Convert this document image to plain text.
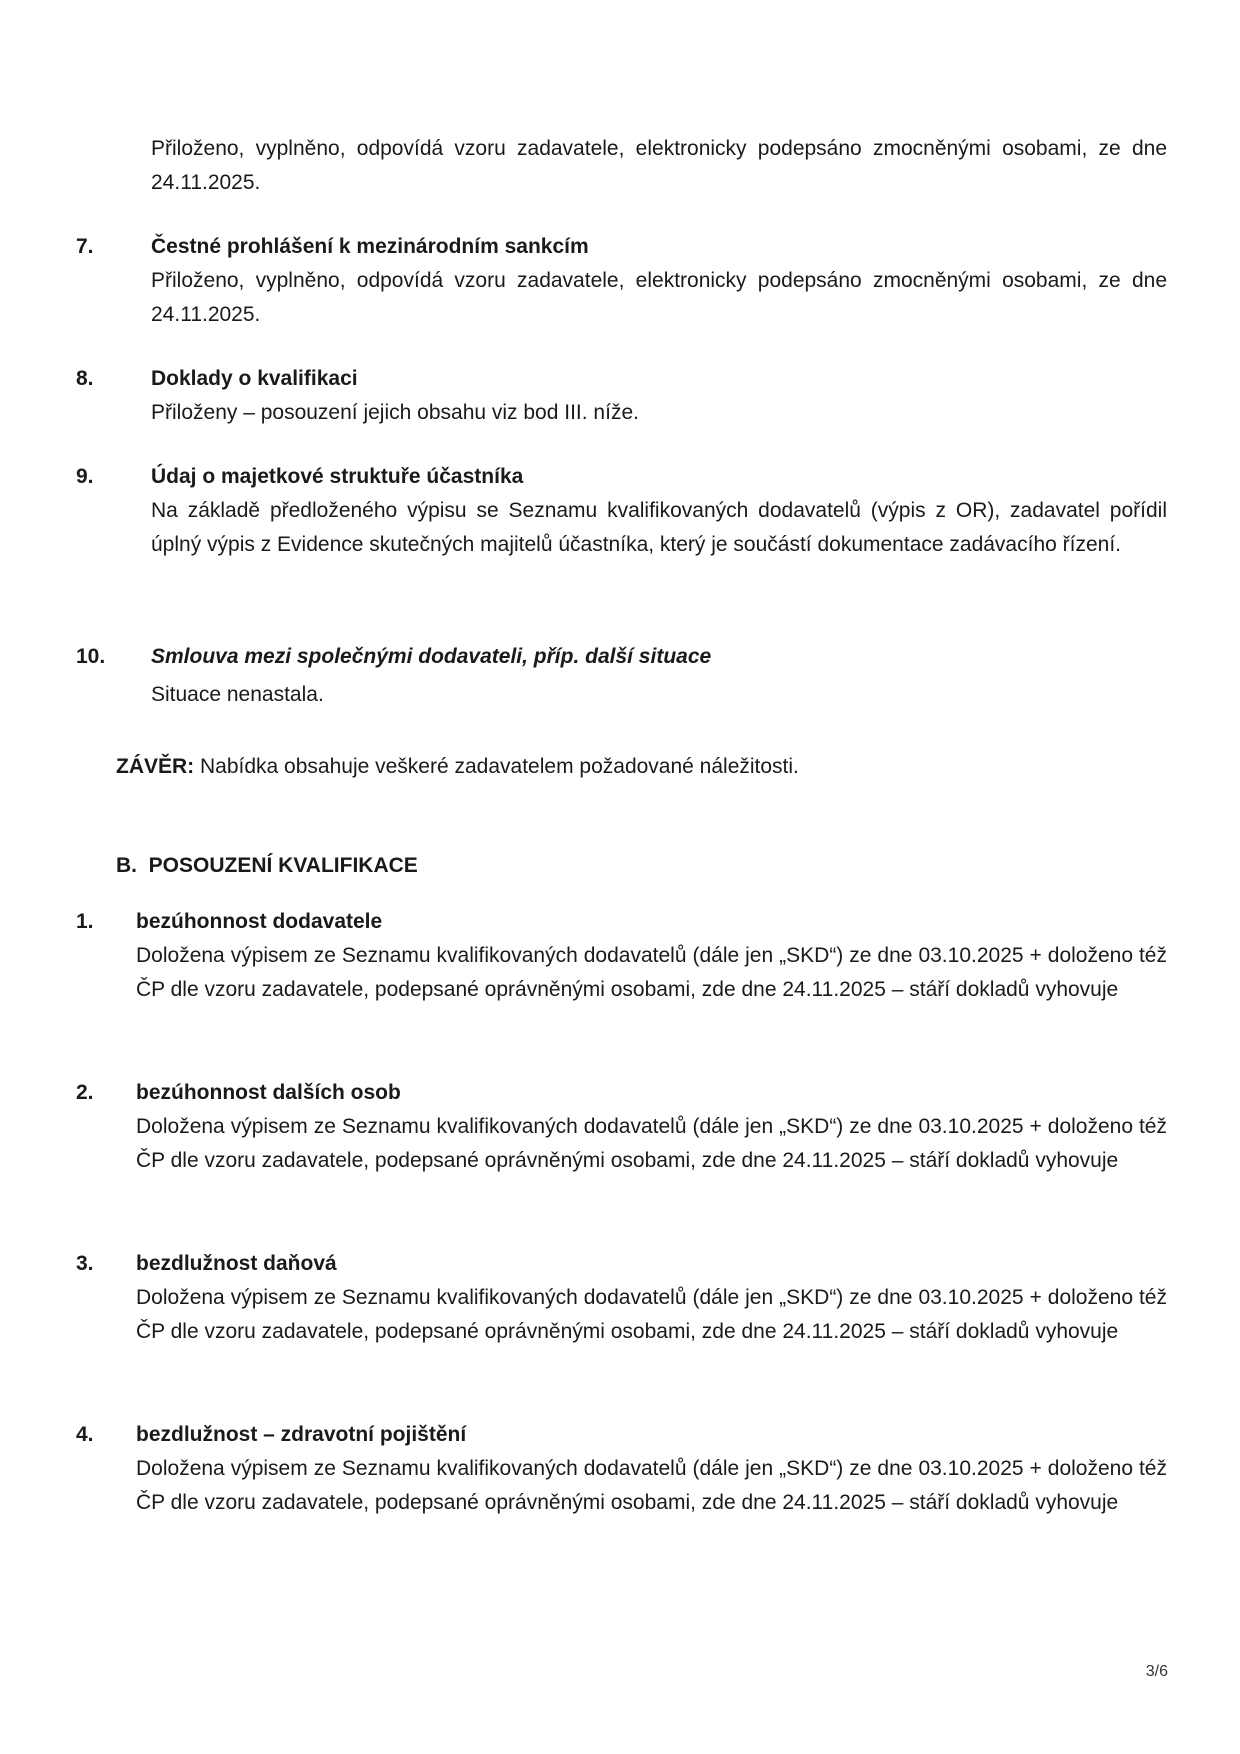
Přiloženo, vyplněno, odpovídá vzoru zadavatele, elektronicky podepsáno zmocněnými osobami, ze dne 24.11.2025.
7.	Čestné prohlášení k mezinárodním sankcím
Přiloženo, vyplněno, odpovídá vzoru zadavatele, elektronicky podepsáno zmocněnými osobami, ze dne 24.11.2025.
8.	Doklady o kvalifikaci
Přiloženy – posouzení jejich obsahu viz bod III. níže.
9.	Údaj o majetkové struktuře účastníka
Na základě předloženého výpisu se Seznamu kvalifikovaných dodavatelů (výpis z OR), zadavatel pořídil úplný výpis z Evidence skutečných majitelů účastníka, který je součástí dokumentace zadávacího řízení.
10. Smlouva mezi společnými dodavateli, příp. další situace
Situace nenastala.
ZÁVĚR: Nabídka obsahuje veškeré zadavatelem požadované náležitosti.
B.  POSOUZENÍ KVALIFIKACE
1. bezúhonnost dodavatele
Doložena výpisem ze Seznamu kvalifikovaných dodavatelů (dále jen „SKD“) ze dne 03.10.2025 + doloženo též ČP dle vzoru zadavatele, podepsané oprávněnými osobami, zde dne 24.11.2025 – stáří dokladů vyhovuje
2. bezúhonnost dalších osob
Doložena výpisem ze Seznamu kvalifikovaných dodavatelů (dále jen „SKD“) ze dne 03.10.2025 + doloženo též ČP dle vzoru zadavatele, podepsané oprávněnými osobami, zde dne 24.11.2025 – stáří dokladů vyhovuje
3. bezdlužnost daňová
Doložena výpisem ze Seznamu kvalifikovaných dodavatelů (dále jen „SKD“) ze dne 03.10.2025 + doloženo též ČP dle vzoru zadavatele, podepsané oprávněnými osobami, zde dne 24.11.2025 – stáří dokladů vyhovuje
4. bezdlužnost – zdravotní pojištění
Doložena výpisem ze Seznamu kvalifikovaných dodavatelů (dále jen „SKD“) ze dne 03.10.2025 + doloženo též ČP dle vzoru zadavatele, podepsané oprávněnými osobami, zde dne 24.11.2025 – stáří dokladů vyhovuje
3/6
